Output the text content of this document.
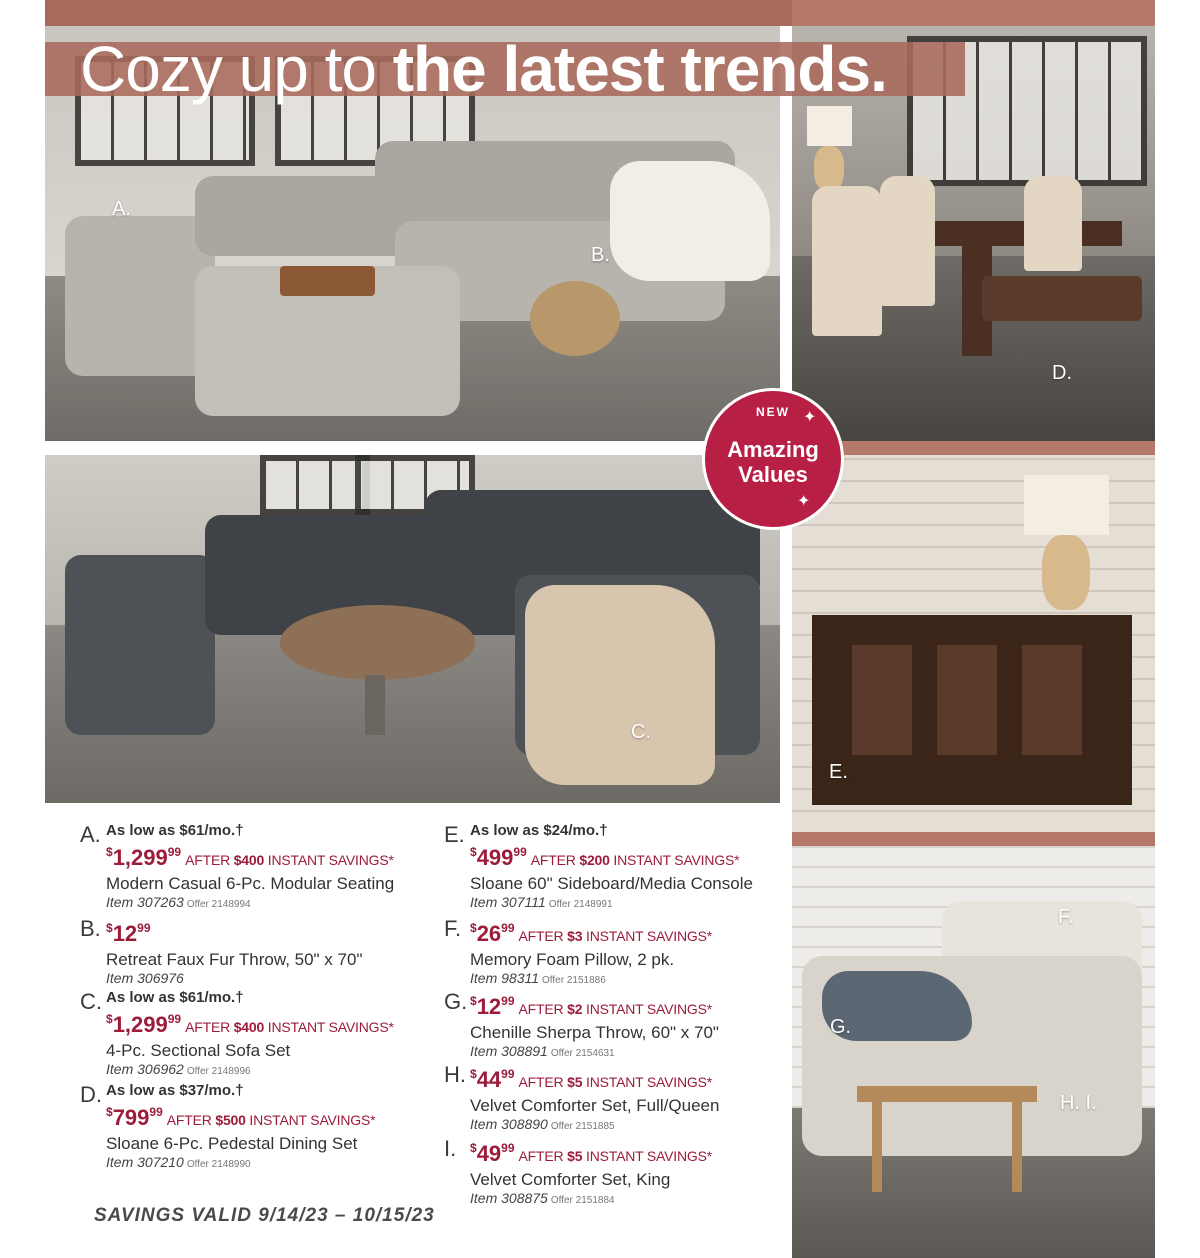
A.
B.
D.
Cozy up to the latest trends.
C.
E.
F.
G.
H. I.
NEW
Amazing
Values
✦
✦
A. As low as $61/mo.†
$1,299$^{99}$ AFTER $400 INSTANT SAVINGS*
Modern Casual 6-Pc. Modular Seating
Item 307263 Offer 2148994
B. $^{\$}12^{99}$
Retreat Faux Fur Throw, 50" x 70"
Item 306976
C. As low as $61/mo.†
$1,299$^{99}$ AFTER $400 INSTANT SAVINGS*
4-Pc. Sectional Sofa Set
Item 306962 Offer 2148996
D. As low as $37/mo.†
$^{\$}799^{99}$ AFTER $500 INSTANT SAVINGS*
Sloane 6-Pc. Pedestal Dining Set
Item 307210 Offer 2148990
E. As low as $24/mo.†
$^{\$}499^{99}$ AFTER $200 INSTANT SAVINGS*
Sloane 60" Sideboard/Media Console
Item 307111 Offer 2148991
F. $^{\$}26^{99}$ AFTER $3 INSTANT SAVINGS*
Memory Foam Pillow, 2 pk.
Item 98311 Offer 2151886
G. $^{\$}12^{99}$ AFTER $2 INSTANT SAVINGS*
Chenille Sherpa Throw, 60" x 70"
Item 308891 Offer 2154631
H. $^{\$}44^{99}$ AFTER $5 INSTANT SAVINGS*
Velvet Comforter Set, Full/Queen
Item 308890 Offer 2151885
I. $^{\$}49^{99}$ AFTER $5 INSTANT SAVINGS*
Velvet Comforter Set, King
Item 308875 Offer 2151884
SAVINGS VALID 9/14/23 – 10/15/23
